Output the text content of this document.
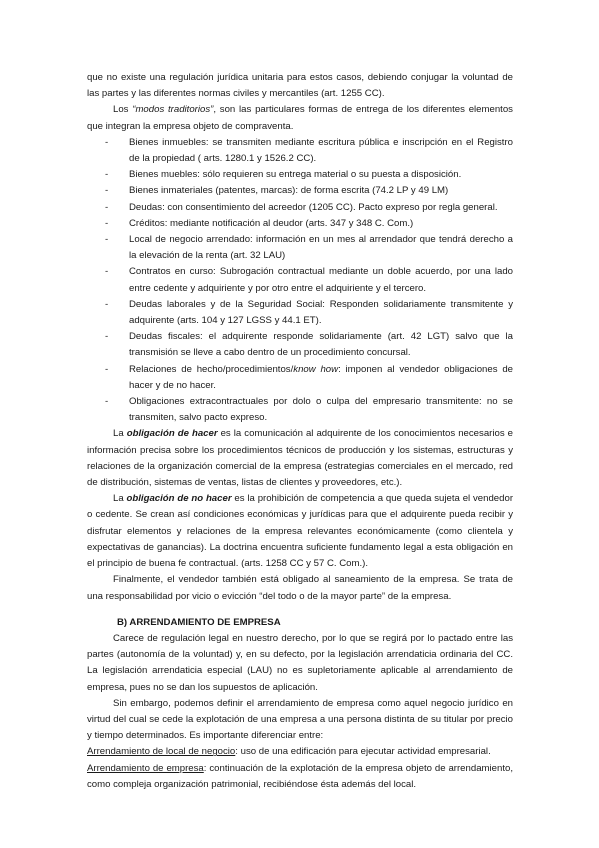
que no existe una regulación jurídica unitaria para estos casos, debiendo conjugar la voluntad de las partes y las diferentes normas civiles y mercantiles (art. 1255 CC).

Los “modos traditorios”, son las particulares formas de entrega de los diferentes elementos que integran la empresa objeto de compraventa.

- Bienes inmuebles: se transmiten mediante escritura pública e inscripción en el Registro de la propiedad ( arts. 1280.1 y 1526.2 CC).
- Bienes muebles: sólo requieren su entrega material o su puesta a disposición.
- Bienes inmateriales (patentes, marcas): de forma escrita (74.2 LP y 49 LM)
- Deudas: con consentimiento del acreedor (1205 CC). Pacto expreso por regla general.
- Créditos: mediante notificación al deudor (arts. 347 y 348 C. Com.)
- Local de negocio arrendado: información en un mes al arrendador que tendrá derecho a la elevación de la renta (art. 32 LAU)
- Contratos en curso: Subrogación contractual mediante un doble acuerdo, por una lado entre cedente y adquiriente y por otro entre el adquiriente y el tercero.
- Deudas laborales y de la Seguridad Social: Responden solidariamente transmitente y adquirente (arts. 104 y 127 LGSS y 44.1 ET).
- Deudas fiscales: el adquirente responde solidariamente (art. 42 LGT) salvo que la transmisión se lleve a cabo dentro de un procedimiento concursal.
- Relaciones de hecho/procedimientos/know how: imponen al vendedor obligaciones de hacer y de no hacer.
- Obligaciones extracontractuales por dolo o culpa del empresario transmitente: no se transmiten, salvo pacto expreso.

La obligación de hacer es la comunicación al adquirente de los conocimientos necesarios e información precisa sobre los procedimientos técnicos de producción y los sistemas, estructuras y relaciones de la organización comercial de la empresa (estrategias comerciales en el mercado, red de distribución, sistemas de ventas, listas de clientes y proveedores, etc.).

La obligación de no hacer es la prohibición de competencia a que queda sujeta el vendedor o cedente. Se crean así condiciones económicas y jurídicas para que el adquirente pueda recibir y disfrutar elementos y relaciones de la empresa relevantes económicamente (como clientela y expectativas de ganancias). La doctrina encuentra suficiente fundamento legal a esta obligación en el principio de buena fe contractual. (arts. 1258 CC y 57 C. Com.).

Finalmente, el vendedor también está obligado al saneamiento de la empresa. Se trata de una responsabilidad por vicio o evicción “del todo o de la mayor parte” de la empresa.

B) ARRENDAMIENTO DE EMPRESA

Carece de regulación legal en nuestro derecho, por lo que se regirá por lo pactado entre las partes (autonomía de la voluntad) y, en su defecto, por la legislación arrendaticia ordinaria del CC. La legislación arrendaticia especial (LAU) no es supletoriamente aplicable al arrendamiento de empresa, pues no se dan los supuestos de aplicación.

Sin embargo, podemos definir el arrendamiento de empresa como aquel negocio jurídico en virtud del cual se cede la explotación de una empresa a una persona distinta de su titular por precio y tiempo determinados. Es importante diferenciar entre:

Arrendamiento de local de negocio: uso de una edificación para ejecutar actividad empresarial.

Arrendamiento de empresa: continuación de la explotación de la empresa objeto de arrendamiento, como compleja organización patrimonial, recibiéndose ésta además del local.
